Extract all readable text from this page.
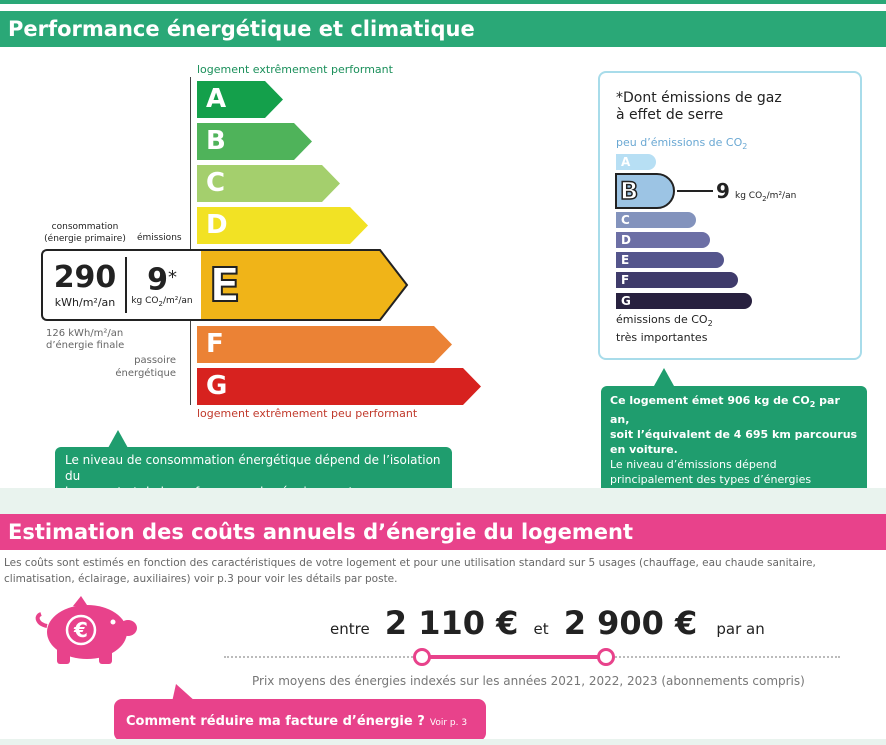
Performance énergétique et climatique
logement extrêmement performant
A
B
C
D
E
F
G
logement extrêmement peu performant
consommation
(énergie primaire)	émissions
290
kWh/m²/an
9*
kg $CO_2/m^2/an$
126 kWh/m²/an
d’énergie finale
passoire
énergétique
Le niveau de consommation énergétique dépend de l’isolation du
*Dont émissions de gaz
à effet de serre
peu d’émissions de $CO_2$
A
B	9 kg $CO_2/m^2/an$
C
D
E
F
G
émissions de $CO_2$
très importantes
Ce logement émet 906 kg de $CO_2$ par an,
soit l’équivalent de 4 695 km parcourus
en voiture.
Le niveau d’émissions dépend
principalement des types d’énergies
Estimation des coûts annuels d’énergie du logement
Les coûts sont estimés en fonction des caractéristiques de votre logement et pour une utilisation standard sur 5 usages (chauffage, eau chaude sanitaire,
climatisation, éclairage, auxiliaires) voir p.3 pour voir les détails par poste.
€	entre 2 110 € et 2 900 € par an
Prix moyens des énergies indexés sur les années 2021, 2022, 2023 (abonnements compris)
Comment réduire ma facture d’énergie ? Voir p. 3
